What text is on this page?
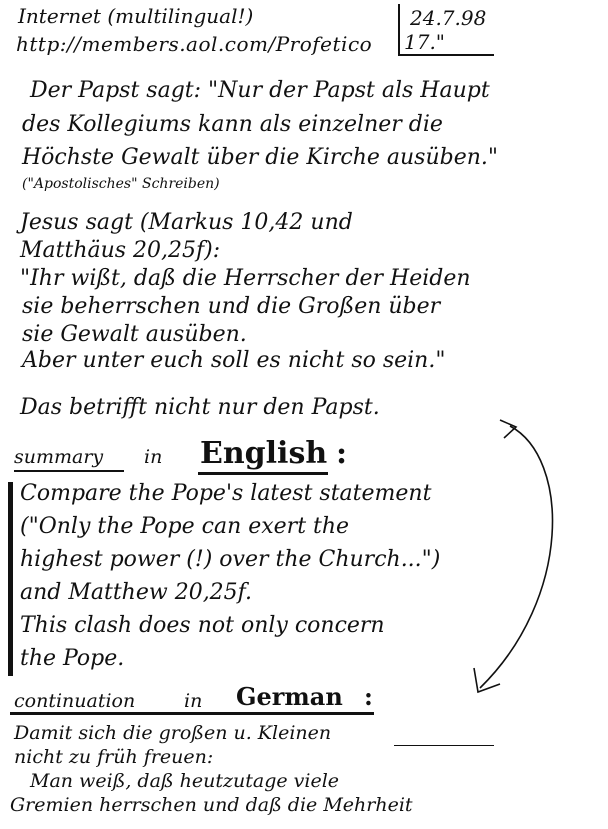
Internet (multilingual!)
http://members.aol.com/Profetico
24.7.98
17."
Der Papst sagt: "Nur der Papst als Haupt
des Kollegiums kann als einzelner die
Höchste Gewalt über die Kirche ausüben."
("Apostolisches" Schreiben)
Jesus sagt (Markus 10,42 und
Matthäus 20,25f):
"Ihr wißt, daß die Herrscher der Heiden
sie beherrschen und die Großen über
sie Gewalt ausüben.
Aber unter euch soll es nicht so sein."
Das betrifft nicht nur den Papst.
summary in English :
Compare the Pope's latest statement
("Only the Pope can exert the
highest power (!) over the Church...")
and Matthew 20,25f.
This clash does not only concern
the Pope.
continuation	in German :
Damit sich die großen u. Kleinen
nicht zu früh freuen:
Man weiß, daß heutzutage viele
Gremien herrschen und daß die Mehrheit
